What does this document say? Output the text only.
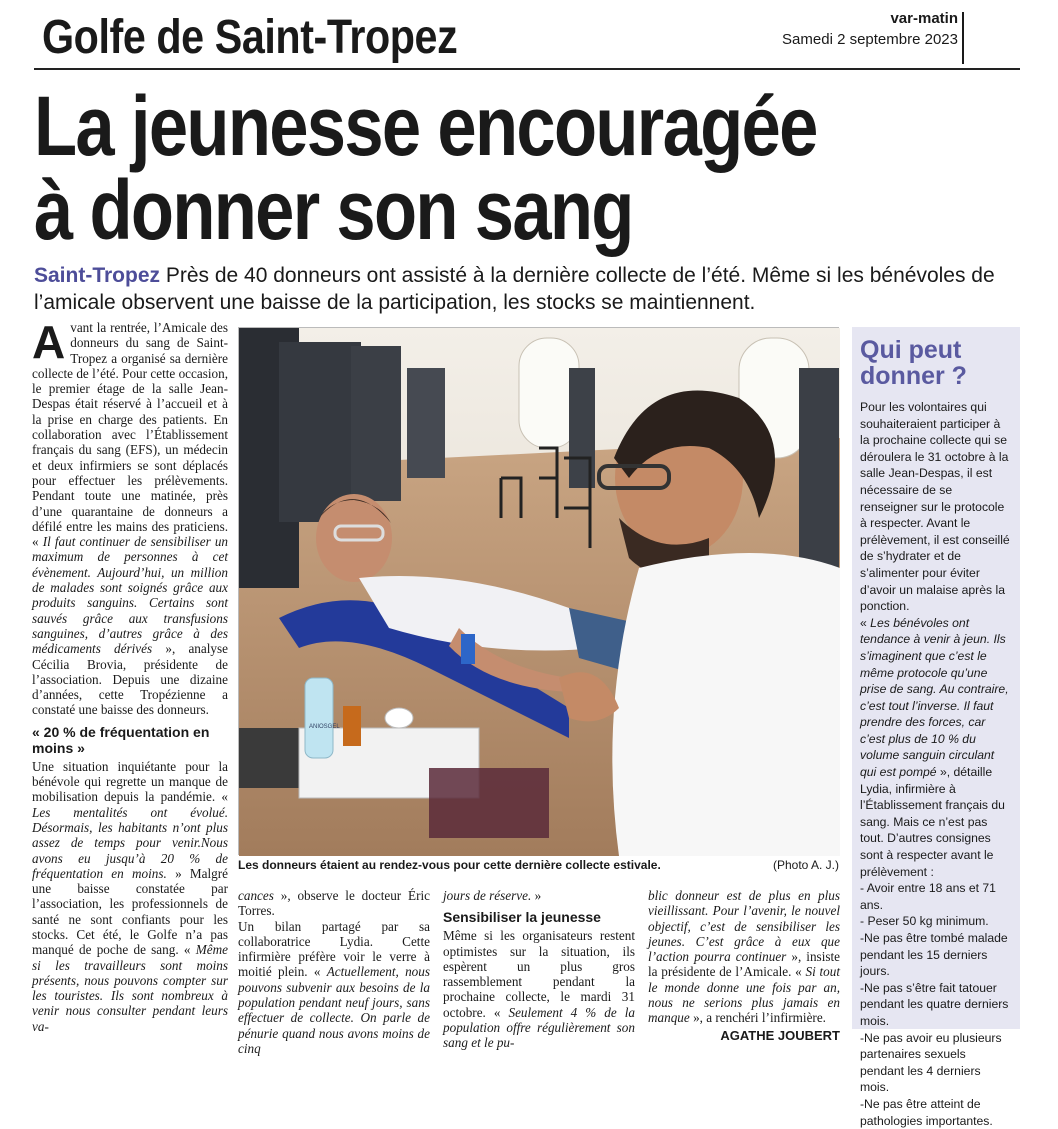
Golfe de Saint-Tropez	var-matin
Samedi 2 septembre 2023
La jeunesse encouragée
à donner son sang
Saint-Tropez Près de 40 donneurs ont assisté à la dernière collecte de l’été. Même si les bénévoles de l’amicale observent une baisse de la participation, les stocks se maintiennent.

Avant la rentrée, l’Amicale des donneurs du sang de Saint-Tropez a organisé sa dernière collecte de l’été. Pour cette occasion, le premier étage de la salle Jean-Despas était réservé à l’accueil et à la prise en charge des patients. En collaboration avec l’Établissement français du sang (EFS), un médecin et deux infirmiers se sont déplacés pour effectuer les prélèvements. Pendant toute une matinée, près d’une quarantaine de donneurs a défilé entre les mains des praticiens. « Il faut continuer de sensibiliser un maximum de personnes à cet évènement. Aujourd’hui, un million de malades sont soignés grâce aux produits sanguins. Certains sont sauvés grâce aux transfusions sanguines, d’autres grâce à des médicaments dérivés », analyse Cécilia Brovia, présidente de l’association. Depuis une dizaine d’années, cette Tropézienne a constaté une baisse des donneurs.

« 20 % de fréquentation en moins »

Une situation inquiétante pour la bénévole qui regrette un manque de mobilisation depuis la pandémie. « Les mentalités ont évolué. Désormais, les habitants n’ont plus assez de temps pour venir.Nous avons eu jusqu’à 20 % de fréquentation en moins. » Malgré une baisse constatée par l’association, les professionnels de santé ne sont confiants pour les stocks. Cet été, le Golfe n’a pas manqué de poche de sang. « Même si les travailleurs sont moins présents, nous pouvons compter sur les touristes. Ils sont nombreux à venir nous consulter pendant leurs va-

cances », observe le docteur Éric Torres.

Un bilan partagé par sa collaboratrice Lydia. Cette infirmière préfère voir le verre à moitié plein. « Actuellement, nous pouvons subvenir aux besoins de la population pendant neuf jours, sans effectuer de collecte. On parle de pénurie quand nous avons moins de cinq

jours de réserve. »

Sensibiliser la jeunesse

Même si les organisateurs restent optimistes sur la situation, ils espèrent un plus gros rassemblement pendant la prochaine collecte, le mardi 31 octobre. « Seulement 4 % de la population offre régulièrement son sang et le pu-

blic donneur est de plus en plus vieillissant. Pour l’avenir, le nouvel objectif, c’est de sensibiliser les jeunes. C’est grâce à eux que l’action pourra continuer », insiste la présidente de l’Amicale. « Si tout le monde donne une fois par an, nous ne serions plus jamais en manque », a renchéri l’infirmière.

AGATHE JOUBERT
ANIOSGEL
Les donneurs étaient au rendez-vous pour cette dernière collecte estivale.	(Photo A. J.)
Qui peut donner ?

Pour les volontaires qui souhaiteraient participer à la prochaine collecte qui se déroulera le 31 octobre à la salle Jean-Despas, il est nécessaire de se renseigner sur le protocole à respecter. Avant le prélèvement, il est conseillé de s’hydrater et de s’alimenter pour éviter d’avoir un malaise après la ponction.

« Les bénévoles ont tendance à venir à jeun. Ils s’imaginent que c’est le même protocole qu’une prise de sang. Au contraire, c’est tout l’inverse. Il faut prendre des forces, car c’est plus de 10 % du volume sanguin circulant qui est pompé », détaille Lydia, infirmière à l’Établissement français du sang. Mais ce n’est pas tout. D’autres consignes sont à respecter avant le prélèvement :

- Avoir entre 18 ans et 71 ans.

- Peser 50 kg minimum.

-Ne pas être tombé malade pendant les 15 derniers jours.

-Ne pas s’être fait tatouer pendant les quatre derniers mois.

-Ne pas avoir eu plusieurs partenaires sexuels pendant les 4 derniers mois.

-Ne pas être atteint de pathologies importantes.
